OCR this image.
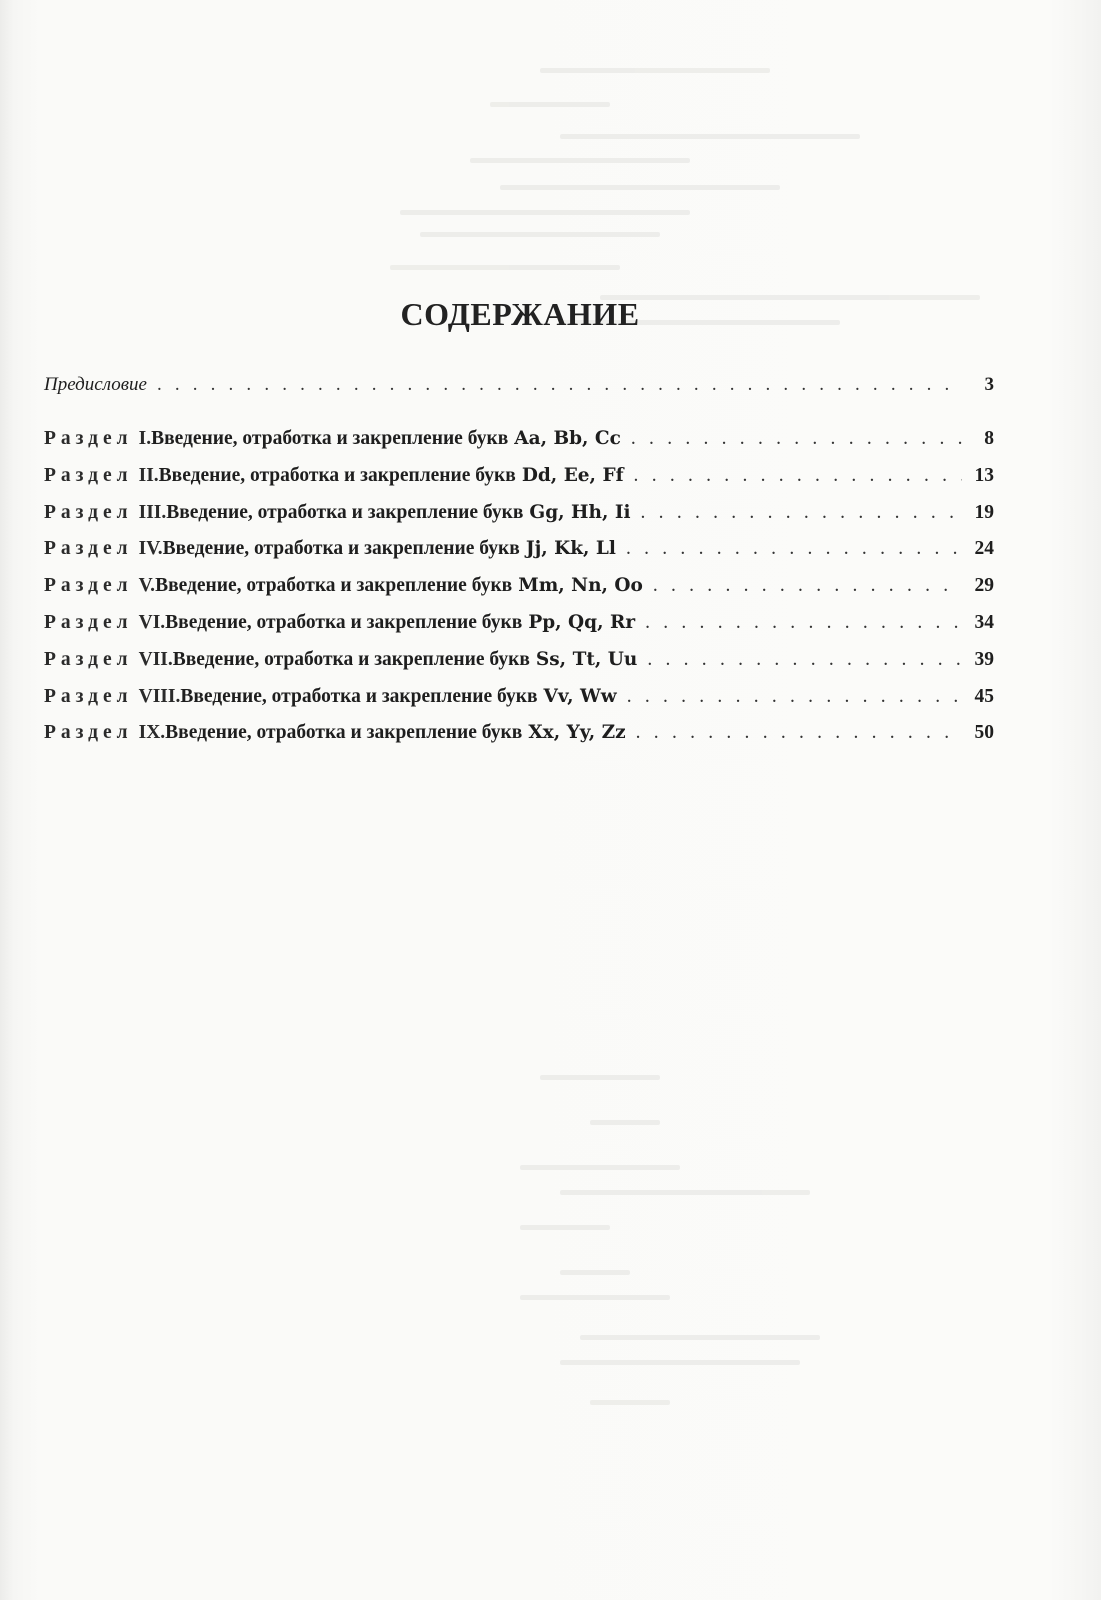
СОДЕРЖАНИЕ
Предисловие . . .	3
Раздел I. Введение, отработка и закрепление букв Aa, Bb, Cc . . .	8
Раздел II. Введение, отработка и закрепление букв Dd, Ee, Ff . . .	13
Раздел III. Введение, отработка и закрепление букв Gg, Hh, Ii . . .	19
Раздел IV. Введение, отработка и закрепление букв Jj, Kk, Ll . . .	24
Раздел V. Введение, отработка и закрепление букв Mm, Nn, Oo . . .	29
Раздел VI. Введение, отработка и закрепление букв Pp, Qq, Rr . . .	34
Раздел VII. Введение, отработка и закрепление букв Ss, Tt, Uu . . .	39
Раздел VIII. Введение, отработка и закрепление букв Vv, Ww . . .	45
Раздел IX. Введение, отработка и закрепление букв Xx, Yy, Zz . . .	50
